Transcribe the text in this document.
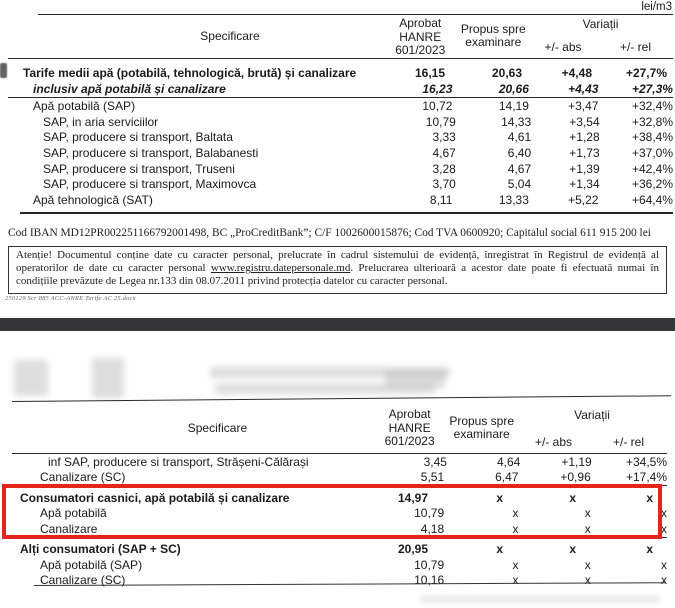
lei/m3
Specificare
Aprobat
HANRE
601/2023
Propus spre
examinare
Variații
+/- abs	+/- rel
Tarife medii apă (potabilă, tehnologică, brută) și canalizare	16,15	20,63	+4,48	+27,7%
inclusiv apă potabilă și canalizare	16,23	20,66	+4,43	+27,3%
Apă potabilă (SAP)	10,72	14,19	+3,47	+32,4%
SAP, in aria serviciilor	10,79	14,33	+3,54	+32,8%
SAP, producere si transport, Baltata	3,33	4,61	+1,28	+38,4%
SAP, producere si transport, Balabanesti	4,67	6,40	+1,73	+37,0%
SAP, producere si transport, Truseni	3,28	4,67	+1,39	+42,4%
SAP, producere si transport, Maximovca	3,70	5,04	+1,34	+36,2%
Apă tehnologică (SAT)	8,11	13,33	+5,22	+64,4%
Cod IBAN MD12PR002251166792001498, BC „ProCreditBank”; C/F 1002600015876; Cod TVA 0600920; Capitalul social 611 915 200 lei
Atenție! Documentul conține date cu caracter personal, prelucrate în cadrul sistemului de evidență, înregistrat în Registrul de evidență al operatorilor de date cu caracter personal www.registru.datepersonale.md. Prelucrarea ulterioară a acestor date poate fi efectuată numai în condițiile prevăzute de Legea nr.133 din 08.07.2011 privind protecția datelor cu caracter personal.
250129 Scr 885 ACC-ANRE Tarife AC 25.docx
Specificare
Aprobat
HANRE
601/2023
Propus spre
examinare
Variații
+/- abs	+/- rel
inf SAP, producere si transport, Strășeni-Călărași	3,45	4,64	+1,19	+34,5%
Canalizare (SC)	5,51	6,47	+0,96	+17,4%
Consumatori casnici, apă potabilă și canalizare	14,97	x	x	x
Apă potabilă	10,79	x	x	x
Canalizare	4,18	x	x	x
Alți consumatori (SAP + SC)	20,95	x	x	x
Apă potabilă (SAP)	10,79	x	x	x
Canalizare (SC)	10,16	x	x	x
